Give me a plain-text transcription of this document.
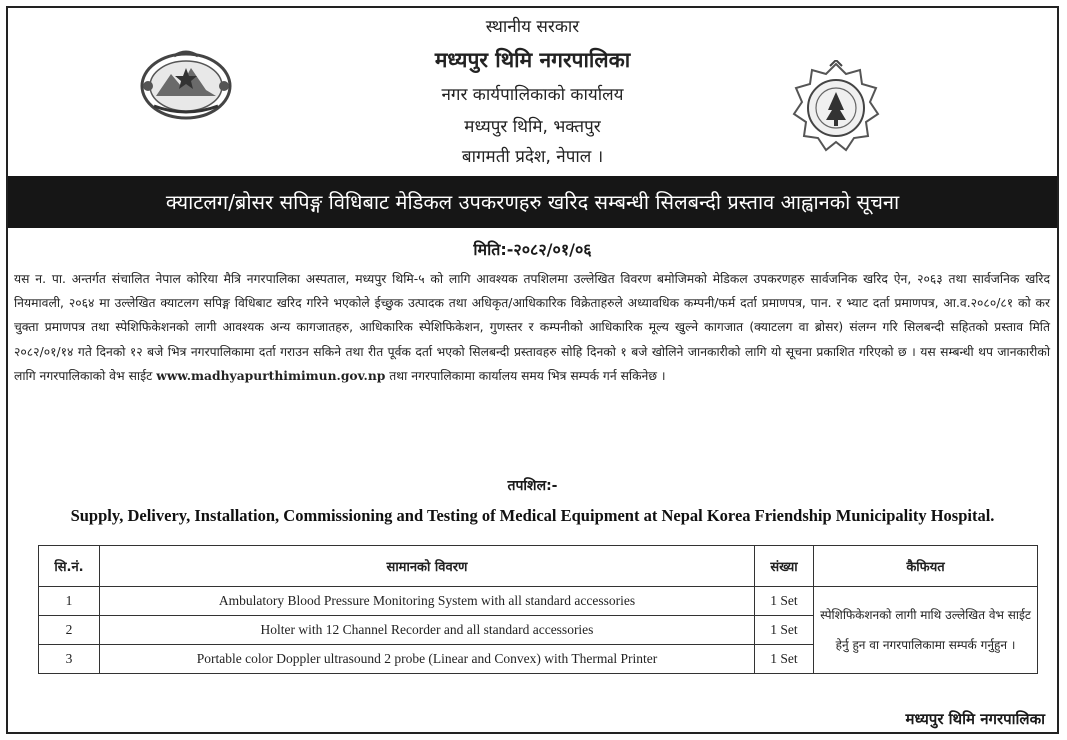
स्थानीय सरकार
मध्यपुर थिमि नगरपालिका
नगर कार्यपालिकाको कार्यालय
मध्यपुर थिमि, भक्तपुर
बागमती प्रदेश, नेपाल ।
क्याटलग/ब्रोसर सपिङ्ग विधिबाट मेडिकल उपकरणहरु खरिद सम्बन्धी सिलबन्दी प्रस्ताव आह्वानको सूचना
मिति:-२०८२/०१/०६
यस न. पा. अन्तर्गत संचालित नेपाल कोरिया मैत्रि नगरपालिका अस्पताल, मध्यपुर थिमि-५ को लागि आवश्यक तपशिलमा उल्लेखित विवरण बमोजिमको मेडिकल उपकरणहरु सार्वजनिक खरिद ऐन, २०६३ तथा सार्वजनिक खरिद नियमावली, २०६४ मा उल्लेखित क्याटलग सपिङ्ग विधिबाट खरिद गरिने भएकोले ईच्छुक उत्पादक तथा अधिकृत/आधिकारिक विक्रेताहरुले अध्यावधिक कम्पनी/फर्म दर्ता प्रमाणपत्र, पान. र भ्याट दर्ता प्रमाणपत्र, आ.व.२०८०/८१ को कर चुक्ता प्रमाणपत्र तथा स्पेशिफिकेशनको लागी आवश्यक अन्य कागजातहरु, आधिकारिक स्पेशिफिकेशन, गुणस्तर र कम्पनीको आधिकारिक मूल्य खुल्ने कागजात (क्याटलग वा ब्रोसर) संलग्न गरि सिलबन्दी सहितको प्रस्ताव मिति २०८२/०१/१४ गते दिनको १२ बजे भित्र नगरपालिकामा दर्ता गराउन सकिने तथा रीत पूर्वक दर्ता भएको सिलबन्दी प्रस्तावहरु सोहि दिनको १ बजे खोलिने जानकारीको लागि यो सूचना प्रकाशित गरिएको छ । यस सम्बन्धी थप जानकारीको लागि नगरपालिकाको वेभ साईट www.madhyapurthimimun.gov.np तथा नगरपालिकामा कार्यालय समय भित्र सम्पर्क गर्न सकिनेछ ।
तपशिल:-
Supply, Delivery, Installation, Commissioning and Testing of Medical Equipment at Nepal Korea Friendship Municipality Hospital.
सि.नं.	सामानको विवरण	संख्या	कैफियत
1	Ambulatory Blood Pressure Monitoring System with all standard accessories	1 Set	स्पेशिफिकेशनको लागी माथि उल्लेखित वेभ साईट हेर्नु हुन वा नगरपालिकामा सम्पर्क गर्नुहुन ।
2	Holter with 12 Channel Recorder and all standard accessories	1 Set	
3	Portable color Doppler ultrasound 2 probe (Linear and Convex) with Thermal Printer	1 Set	
मध्यपुर थिमि नगरपालिका
